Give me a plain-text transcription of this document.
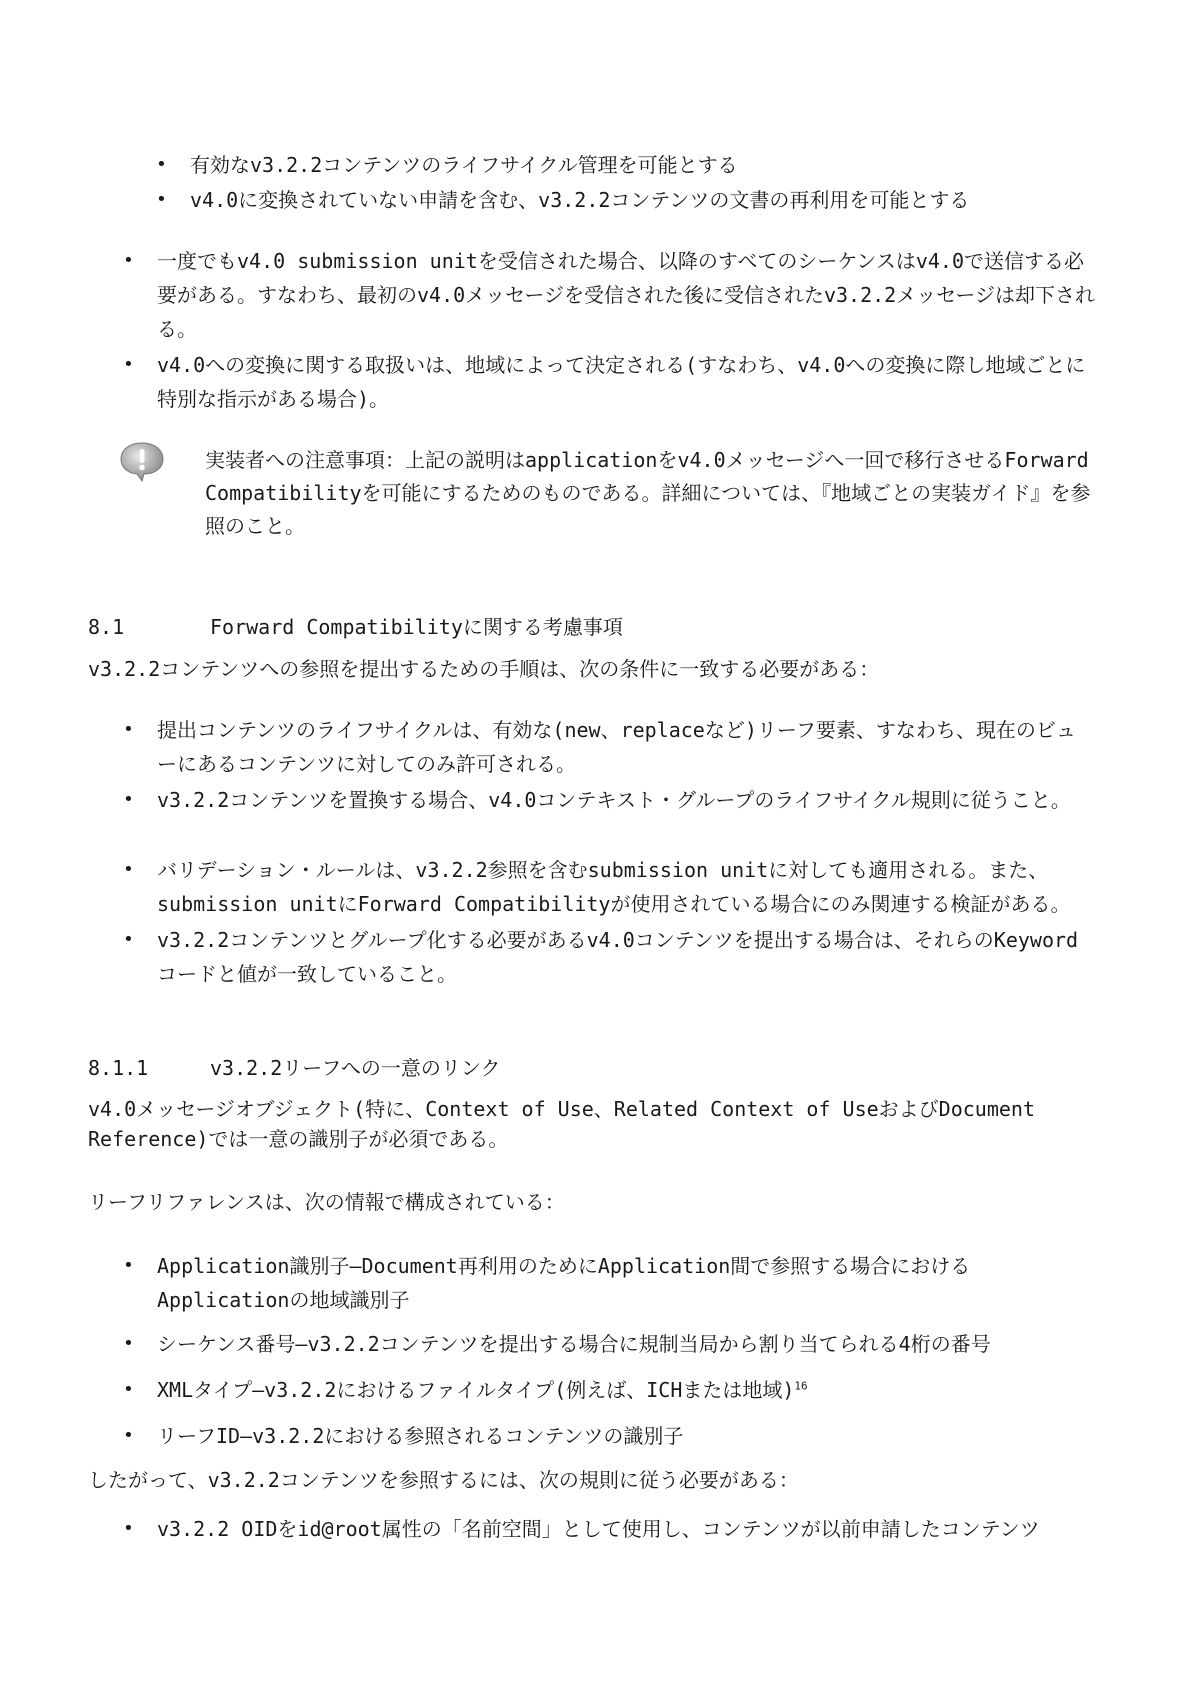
•	有効なv3.2.2コンテンツのライフサイクル管理を可能とする
•	v4.0に変換されていない申請を含む、v3.2.2コンテンツの文書の再利用を可能とする
•	一度でもv4.0 submission unitを受信された場合、以降のすべてのシーケンスはv4.0で送信する必要がある。すなわち、最初のv4.0メッセージを受信された後に受信されたv3.2.2メッセージは却下される。
•	v4.0への変換に関する取扱いは、地域によって決定される(すなわち、v4.0への変換に際し地域ごとに特別な指示がある場合)。
実装者への注意事項：上記の説明はapplicationをv4.0メッセージへ一回で移行させるForward Compatibilityを可能にするためのものである。詳細については、『地域ごとの実装ガイド』を参照のこと。
8.1	Forward Compatibilityに関する考慮事項
v3.2.2コンテンツへの参照を提出するための手順は、次の条件に一致する必要がある：
•	提出コンテンツのライフサイクルは、有効な(new、replaceなど)リーフ要素、すなわち、現在のビューにあるコンテンツに対してのみ許可される。
•	v3.2.2コンテンツを置換する場合、v4.0コンテキスト・グループのライフサイクル規則に従うこと。
•	バリデーション・ルールは、v3.2.2参照を含むsubmission unitに対しても適用される。また、submission unitにForward Compatibilityが使用されている場合にのみ関連する検証がある。
•	v3.2.2コンテンツとグループ化する必要があるv4.0コンテンツを提出する場合は、それらのKeywordコードと値が一致していること。
8.1.1	v3.2.2リーフへの一意のリンク
v4.0メッセージオブジェクト(特に、Context of Use、Related Context of UseおよびDocument Reference)では一意の識別子が必須である。
リーフリファレンスは、次の情報で構成されている：
•	Application識別子—Document再利用のためにApplication間で参照する場合におけるApplicationの地域識別子
•	シーケンス番号—v3.2.2コンテンツを提出する場合に規制当局から割り当てられる4桁の番号
•	XMLタイプ—v3.2.2におけるファイルタイプ(例えば、ICHまたは地域)$^{16}$
•	リーフID—v3.2.2における参照されるコンテンツの識別子
したがって、v3.2.2コンテンツを参照するには、次の規則に従う必要がある：
•	v3.2.2 OIDをid@root属性の「名前空間」として使用し、コンテンツが以前申請したコンテンツ
